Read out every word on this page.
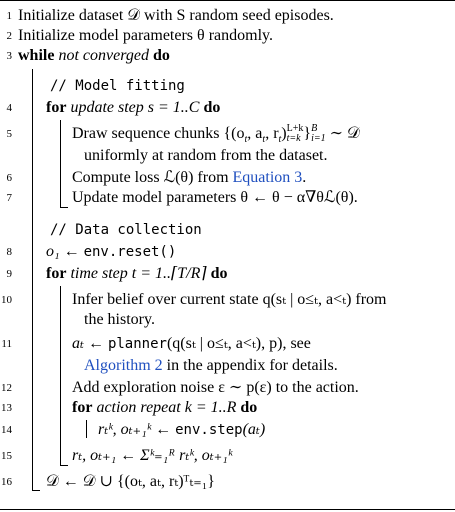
1 Initialize dataset 𝒟 with S random seed episodes.
2 Initialize model parameters θ randomly.
3 while not converged do
// Model fitting
4 for update step s = 1..C do
5	Draw sequence chunks {($o_t$, $a_t$, $r_t$) L+k
t=k } B
i=1 ∼ 𝒟
uniformly at random from the dataset.
6	Compute loss ℒ(θ) from Equation 3.
7	Update model parameters θ ← θ − α∇θℒ(θ).
// Data collection
8 o₁ ← env.reset()
9 for time step t = 1..⌈T/R⌉ do
10	Infer belief over current state q(sₜ | o≤ₜ, a<ₜ) from
the history.
11	aₜ ← planner(q(sₜ | o≤ₜ, a<ₜ), p), see
Algorithm 2 in the appendix for details.
12	Add exploration noise ε ∼ p(ε) to the action.
13	for action repeat k = 1..R do
14	rₜᵏ, oₜ₊₁ᵏ ← env.step(aₜ)
15	rₜ, oₜ₊₁ ← Σᵏ₌₁ᴿ rₜᵏ, oₜ₊₁ᵏ
16 𝒟 ← 𝒟 ∪ {(oₜ, aₜ, rₜ)ᵀₜ₌₁}
